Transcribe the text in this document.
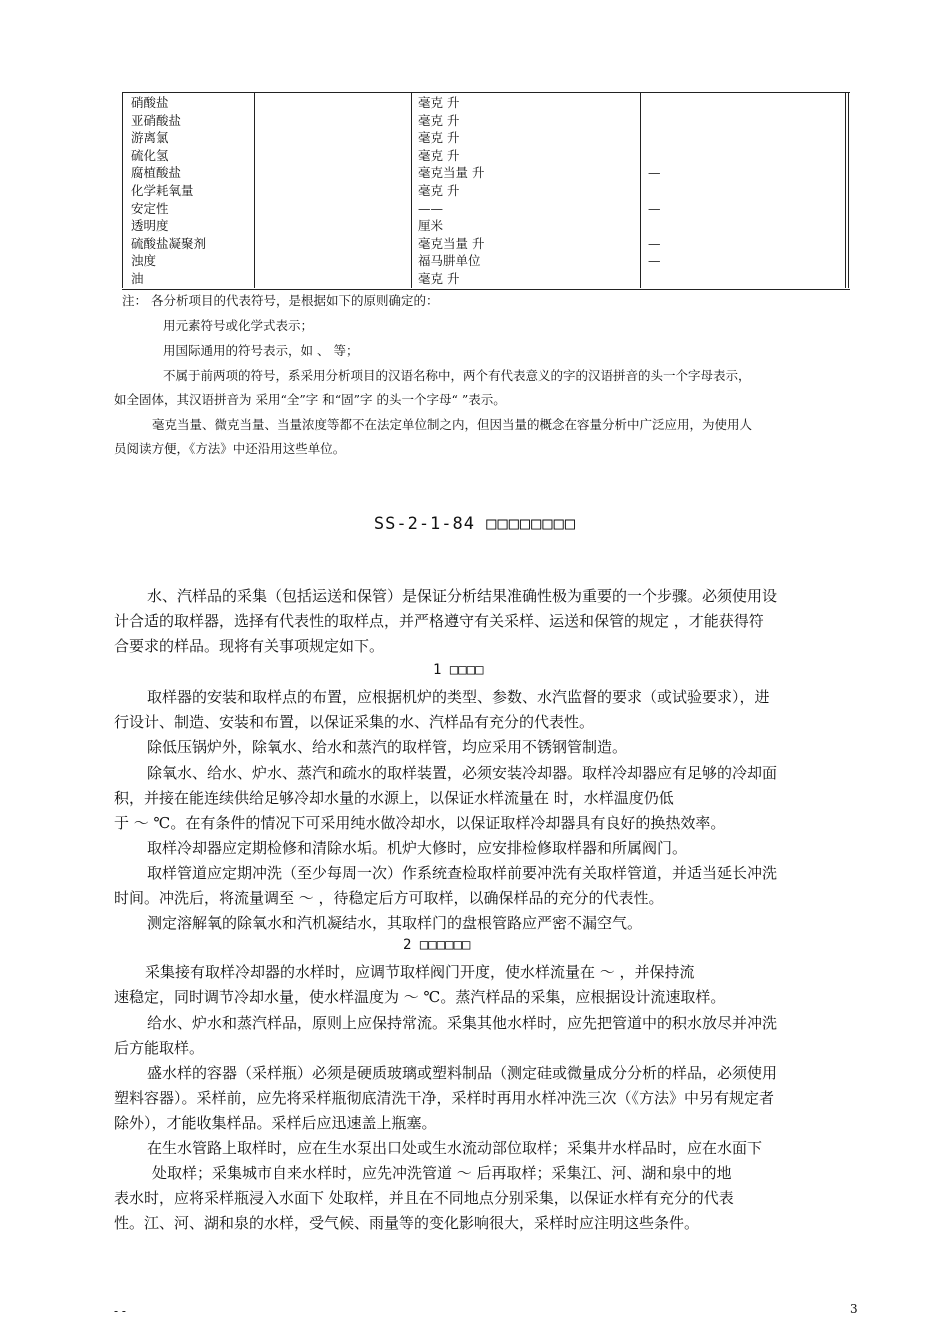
硝酸盐	毫克 升
亚硝酸盐	毫克 升
游离氯	毫克 升
硫化氢	毫克 升
腐植酸盐	毫克当量 升	—
化学耗氧量	毫克 升
安定性	——	—
透明度	厘米
硫酸盐凝聚剂	毫克当量 升	—
浊度	福马肼单位	—
油	毫克 升
注： 各分析项目的代表符号，是根据如下的原则确定的：
用元素符号或化学式表示；
用国际通用的符号表示，如 、 等；
不属于前两项的符号，系采用分析项目的汉语名称中，两个有代表意义的字的汉语拼音的头一个字母表示，
如全固体，其汉语拼音为 采用“全”字 和“固”字 的头一个字母“ ”表示。
毫克当量、微克当量、当量浓度等都不在法定单位制之内，但因当量的概念在容量分析中广泛应用，为使用人
员阅读方便，《方法》中还沿用这些单位。
SS-2-1-84 □□□□□□□□
水、汽样品的采集（包括运送和保管）是保证分析结果准确性极为重要的一个步骤。必须使用设
计合适的取样器，选择有代表性的取样点，并严格遵守有关采样、运送和保管的规定 ，才能获得符
合要求的样品。现将有关事项规定如下。
1 □□□□
取样器的安装和取样点的布置，应根据机炉的类型、参数、水汽监督的要求（或试验要求），进
行设计、制造、安装和布置，以保证采集的水、汽样品有充分的代表性。
除低压锅炉外，除氧水、给水和蒸汽的取样管，均应采用不锈钢管制造。
除氧水、给水、炉水、蒸汽和疏水的取样装置，必须安装冷却器。取样冷却器应有足够的冷却面
积，并接在能连续供给足够冷却水量的水源上，以保证水样流量在 时，水样温度仍低
于 ～ ℃。在有条件的情况下可采用纯水做冷却水，以保证取样冷却器具有良好的换热效率。
取样冷却器应定期检修和清除水垢。机炉大修时，应安排检修取样器和所属阀门。
取样管道应定期冲洗（至少每周一次）作系统查检取样前要冲洗有关取样管道，并适当延长冲洗
时间。冲洗后，将流量调至 ～ ，待稳定后方可取样，以确保样品的充分的代表性。
测定溶解氧的除氧水和汽机凝结水，其取样门的盘根管路应严密不漏空气。
2 □□□□□□
采集接有取样冷却器的水样时，应调节取样阀门开度，使水样流量在 ～ ，并保持流
速稳定，同时调节冷却水量，使水样温度为 ～ ℃。蒸汽样品的采集，应根据设计流速取样。
给水、炉水和蒸汽样品，原则上应保持常流。采集其他水样时，应先把管道中的积水放尽并冲洗
后方能取样。
盛水样的容器（采样瓶）必须是硬质玻璃或塑料制品（测定硅或微量成分分析的样品，必须使用
塑料容器）。采样前，应先将采样瓶彻底清洗干净，采样时再用水样冲洗三次（《方法》中另有规定者
除外），才能收集样品。采样后应迅速盖上瓶塞。
在生水管路上取样时，应在生水泵出口处或生水流动部位取样；采集井水样品时，应在水面下
处取样；采集城市自来水样时，应先冲洗管道 ～ 后再取样；采集江、河、湖和泉中的地
表水时，应将采样瓶浸入水面下 处取样，并且在不同地点分别采集，以保证水样有充分的代表
性。江、河、湖和泉的水样，受气候、雨量等的变化影响很大，采样时应注明这些条件。
- -	3
